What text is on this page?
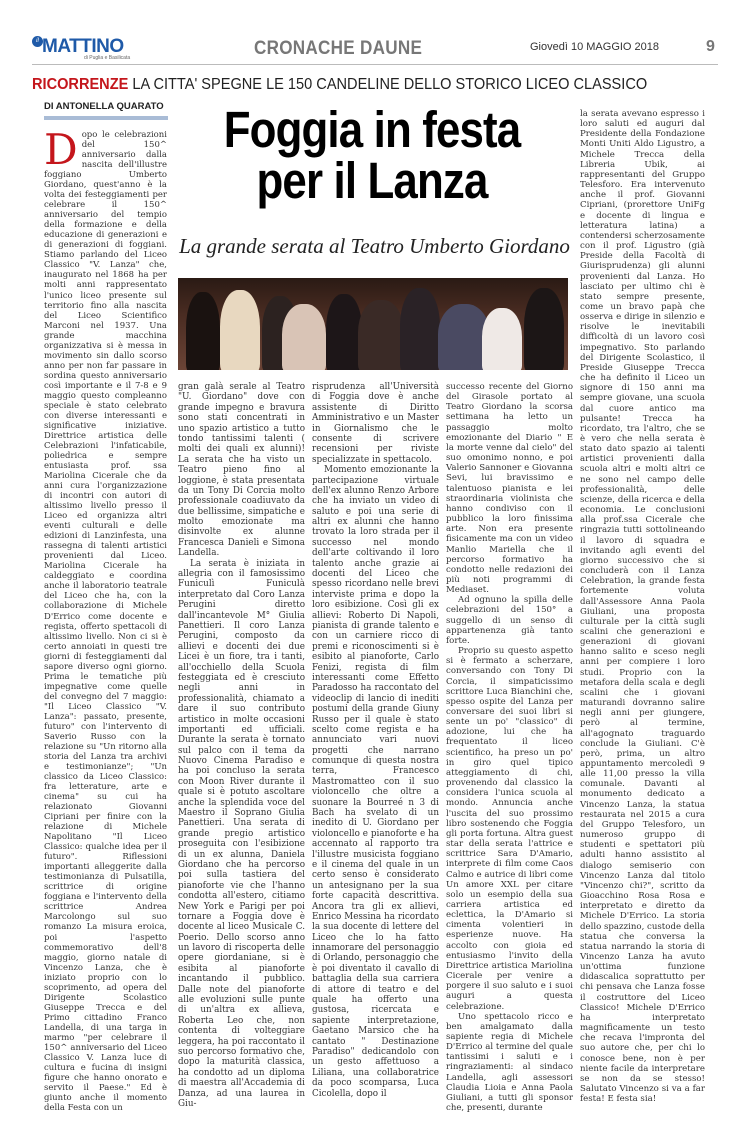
il MATTINO
di Puglia e Basilicata	CRONACHE DAUNE	Giovedì 10 MAGGIO 2018	9
RICORRENZE LA CITTA' SPEGNE LE 150 CANDELINE DELLO STORICO LICEO CLASSICO
DI ANTONELLA QUARATO	Foggia in festa
per il Lanza
La grande serata al Teatro Umberto Giordano
D opo le celebrazioni del 150^ anniversario dalla nascita dell'illustre foggiano Umberto Giordano, quest'anno è la volta dei festeggiamenti per celebrare il 150^ anniversario del tempio della formazione e della educazione di generazioni e di generazioni di foggiani. Stiamo parlando del Liceo Classico "V. Lanza" che, inaugurato nel 1868 ha per molti anni rappresentato l'unico liceo presente sul territorio fino alla nascita del Liceo Scientifico Marconi nel 1937. Una grande macchina organizzativa si è messa in movimento sin dallo scorso anno per non far passare in sordina questo anniversario così importante e il 7-8 e 9 maggio questo compleanno speciale è stato celebrato con diverse interessanti e significative iniziative. Direttrice artistica delle Celebrazioni l'infaticabile, poliedrica e sempre entusiasta prof. ssa Mariolina Cicerale che da anni cura l'organizzazione di incontri con autori di altissimo livello presso il Liceo ed organizza altri eventi culturali e delle edizioni di Lanzinfesta, una rassegna di talenti artistici provenienti dal Liceo. Mariolina Cicerale ha caldeggiato e coordina anche il laboratorio teatrale del Liceo che ha, con la collaborazione di Michele D'Errico come docente e regista, offerto spettacoli di altissimo livello. Non ci si è certo annoiati in questi tre giorni di festeggiamenti dal sapore diverso ogni giorno. Prima le tematiche più impegnative come quelle del convegno del 7 maggio: "Il Liceo Classico "V. Lanza": passato, presente, futuro" con l'intervento di Saverio Russo con la relazione su "Un ritorno alla storia del Lanza tra archivi e testimonianze"; "Un classico da Liceo Classico: fra letterature, arte e cinema" su cui ha relazionato Giovanni Cipriani per finire con la relazione di Michele Napolitano "Il Liceo Classico: qualche idea per il futuro". Riflessioni importanti alleggerite dalla testimonianza di Pulsatilla, scrittrice di origine foggiana e l'intervento della scrittrice Andrea Marcolongo sul suo romanzo La misura eroica, poi l'aspetto commemorativo dell'8 maggio, giorno natale di Vincenzo Lanza, che è iniziato proprio con lo scoprimento, ad opera del Dirigente Scolastico Giuseppe Trecca e del Primo cittadino Franco Landella, di una targa in marmo "per celebrare il 150^ anniversario del Liceo Classico V. Lanza luce di cultura e fucina di insigni figure che hanno onorato e servito il Paese." Ed è giunto anche il momento della Festa con un

gran galà serale al Teatro "U. Giordano" dove con grande impegno e bravura sono stati concentrati in uno spazio artistico a tutto tondo tantissimi talenti ( molti dei quali ex alunni)! La serata che ha visto un Teatro pieno fino al loggione, è stata presentata da un Tony Di Corcia molto professionale coadiuvato da due bellissime, simpatiche e molto emozionate ma disinvolte ex alunne Francesca Danieli e Simona Landella.

La serata è iniziata in allegria con il famosissimo Funiculì Funiculà interpretato dal Coro Lanza Perugini diretto dall'incantevole M° Giulia Panettieri. Il coro Lanza Perugini, composto da allievi e docenti dei due Licei è un fiore, tra i tanti, all'occhiello della Scuola festeggiata ed è cresciuto negli anni in professionalità, chiamato a dare il suo contributo artistico in molte occasioni importanti ed ufficiali. Durante la serata è tornato sul palco con il tema da Nuovo Cinema Paradiso e ha poi concluso la serata con Moon River durante il quale si è potuto ascoltare anche la splendida voce del Maestro il Soprano Giulia Panettieri. Una serata di grande pregio artistico proseguita con l'esibizione di un ex alunna, Daniela Giordano che ha percorso poi sulla tastiera del pianoforte vie che l'hanno condotta all'estero, citiamo New York e Parigi per poi tornare a Foggia dove è docente al liceo Musicale C. Poerio. Dello scorso anno un lavoro di riscoperta delle opere giordaniane, si è esibita al pianoforte incantando il pubblico. Dalle note del pianoforte alle evoluzioni sulle punte di un'altra ex allieva, Roberta Leo che, non contenta di volteggiare leggera, ha poi raccontato il suo percorso formativo che, dopo la maturità classica, ha condotto ad un diploma di maestra all'Accademia di Danza, ad una laurea in Giu-

risprudenza all'Università di Foggia dove è anche assistente di Diritto Amministrativo e un Master in Giornalismo che le consente di scrivere recensioni per riviste specializzate in spettacolo.

Momento emozionante la partecipazione virtuale dell'ex alunno Renzo Arbore che ha inviato un video di saluto e poi una serie di altri ex alunni che hanno trovato la loro strada per il successo nel mondo dell'arte coltivando il loro talento anche grazie ai docenti del Liceo che spesso ricordano nelle brevi interviste prima e dopo la loro esibizione. Così gli ex allievi: Roberto Di Napoli, pianista di grande talento e con un carniere ricco di premi e riconoscimenti si è esibito al pianoforte, Carlo Fenizi, regista di film interessanti come Effetto Paradosso ha raccontato del videoclip di lancio di inediti postumi della grande Giuny Russo per il quale è stato scelto come regista e ha annunciato vari nuovi progetti che narrano comunque di questa nostra terra, Francesco Mastromatteo con il suo violoncello che oltre a suonare la Bourreé n 3 di Bach ha svelato di un inedito di U. Giordano per violoncello e pianoforte e ha accennato al rapporto tra l'illustre musicista foggiano e il cinema del quale in un certo senso è considerato un antesignano per la sua forte capacità descrittiva. Ancora tra gli ex allievi, Enrico Messina ha ricordato la sua docente di lettere del Liceo che lo ha fatto innamorare del personaggio di Orlando, personaggio che è poi diventato il cavallo di battaglia della sua carriera di attore di teatro e del quale ha offerto una gustosa, ricercata e sapiente interpretazione, Gaetano Marsico che ha cantato " Destinazione Paradiso" dedicandolo con un gesto affettuoso a Liliana, una collaboratrice da poco scomparsa, Luca Cicolella, dopo il

successo recente del Giorno del Girasole portato al Teatro Giordano la scorsa settimana ha letto un passaggio molto emozionante del Diario " E la morte venne dal cielo" del suo omonimo nonno, e poi Valerio Sannoner e Giovanna Sevi, lui bravissimo e talentuoso pianista e lei straordinaria violinista che hanno condiviso con il pubblico la loro finissima arte. Non era presente fisicamente ma con un video Manlio Mariella che il percorso formativo ha condotto nelle redazioni dei più noti programmi di Mediaset.

Ad ognuno la spilla delle celebrazioni del 150° a suggello di un senso di appartenenza già tanto forte.

Proprio su questo aspetto si è fermato a scherzare, conversando con Tony Di Corcia, il simpaticissimo scrittore Luca Bianchini che, spesso ospite del Lanza per conversare dei suoi libri si sente un po' "classico" di adozione, lui che ha frequentato il liceo scientifico, ha preso un po' in giro quel tipico atteggiamento di chi, provenendo dal classico la considera l'unica scuola al mondo. Annuncia anche l'uscita del suo prossimo libro sostenendo che Foggia gli porta fortuna. Altra guest star della serata l'attrice e scrittrice Sara D'Amario, interprete di film come Caos Calmo e autrice di libri come Un amore XXL per citare solo un esempio della sua carriera artistica ed eclettica, la D'Amario si cimenta volentieri in esperienze nuove. Ha accolto con gioia ed entusiasmo l'invito della Direttrice artistica Mariolina Cicerale per venire a porgere il suo saluto e i suoi auguri a questa celebrazione.

Uno spettacolo ricco e ben amalgamato dalla sapiente regia di Michele D'Errico al termine del quale tantissimi i saluti e i ringraziamenti: al sindaco Landella, agli assessori Claudia Lioia e Anna Paola Giuliani, a tutti gli sponsor che, presenti, durante

la serata avevano espresso i loro saluti ed auguri dal Presidente della Fondazione Monti Uniti Aldo Ligustro, a Michele Trecca della Libreria Ubik, ai rappresentanti del Gruppo Telesforo. Era intervenuto anche il prof. Giovanni Cipriani, (prorettore UniFg e docente di lingua e letteratura latina) a contendersi scherzosamente con il prof. Ligustro (già Preside della Facoltà di Giurisprudenza) gli alunni provenienti dal Lanza. Ho lasciato per ultimo chi è stato sempre presente, come un bravo papà che osserva e dirige in silenzio e risolve le inevitabili difficoltà di un lavoro così impegnativo. Sto parlando del Dirigente Scolastico, il Preside Giuseppe Trecca che ha definito il Liceo un signore di 150 anni ma sempre giovane, una scuola dal cuore antico ma pulsante! Trecca ha ricordato, tra l'altro, che se è vero che nella serata è stato dato spazio ai talenti artistici provenienti dalla scuola altri e molti altri ce ne sono nel campo delle professionalità, delle scienze, della ricerca e della economia. Le conclusioni alla prof.ssa Cicerale che ringrazia tutti sottolineando il lavoro di squadra e invitando agli eventi del giorno successivo che si concluderà con il Lanza Celebration, la grande festa fortemente voluta dall'Assessore Anna Paola Giuliani, una proposta culturale per la città sugli scalini che generazioni e generazioni di giovani hanno salito e sceso negli anni per compiere i loro studi. Proprio con la metafora della scala e degli scalini che i giovani maturandi dovranno salire negli anni per giungere, però al termine, all'agognato traguardo conclude la Giuliani. C'è però, prima, un altro appuntamento mercoledì 9 alle 11,00 presso la villa comunale. Davanti al monumento dedicato a Vincenzo Lanza, la statua restaurata nel 2015 a cura del Gruppo Telesforo, un numeroso gruppo di studenti e spettatori più adulti hanno assistito al dialogo semiserio con Vincenzo Lanza dal titolo "Vincenzo chi?", scritto da Gioacchino Rosa Rosa e interpretato e diretto da Michele D'Errico. La storia dello spazzino, custode della statua che conversa la statua narrando la storia di Vincenzo Lanza ha avuto un'ottima funzione didascalica soprattutto per chi pensava che Lanza fosse il costruttore del Liceo Classico! Michele D'Errico ha interpretato magnificamente un testo che recava l'impronta del suo autore che, per chi lo conosce bene, non è per niente facile da interpretare se non da se stesso! Salutato Vincenzo si va a far festa! E festa sia!
